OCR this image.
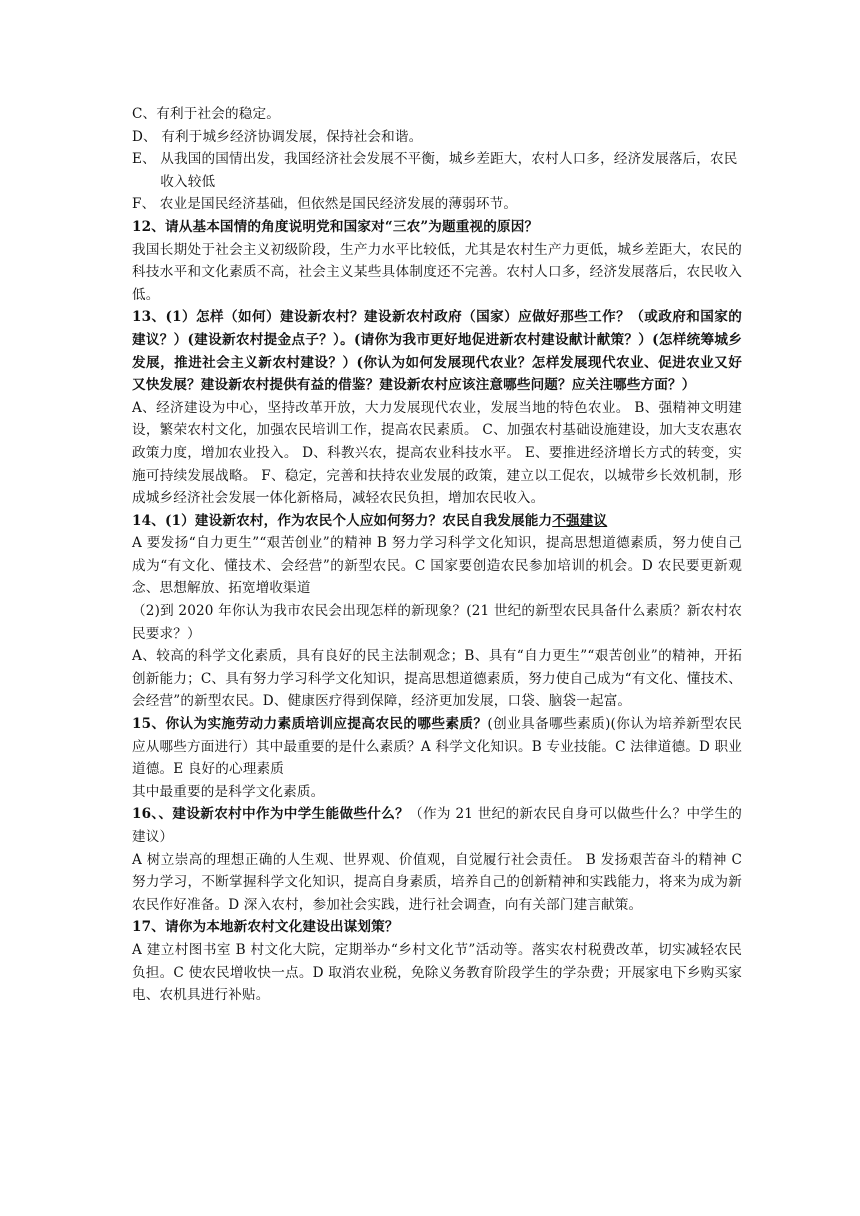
C、 有利于社会的稳定。
D、 有利于城乡经济协调发展，保持社会和谐。
E、 从我国的国情出发，我国经济社会发展不平衡，城乡差距大，农村人口多，经济发展落后，农民收入较低
F、 农业是国民经济基础，但依然是国民经济发展的薄弱环节。

12、请从基本国情的角度说明党和国家对“三农”为题重视的原因？

我国长期处于社会主义初级阶段，生产力水平比较低，尤其是农村生产力更低，城乡差距大，农民的科技水平和文化素质不高，社会主义某些具体制度还不完善。农村人口多，经济发展落后，农民收入低。

13、(1）怎样（如何）建设新农村？建设新农村政府（国家）应做好那些工作？（或政府和国家的建议？）(建设新农村提金点子？）。(请你为我市更好地促进新农村建设献计献策？）(怎样统筹城乡发展，推进社会主义新农村建设？）(你认为如何发展现代农业？怎样发展现代农业、促进农业又好又快发展？建设新农村提供有益的借鉴？建设新农村应该注意哪些问题？应关注哪些方面？）

A、经济建设为中心，坚持改革开放，大力发展现代农业，发展当地的特色农业。 B、强精神文明建设，繁荣农村文化，加强农民培训工作，提高农民素质。 C、加强农村基础设施建设，加大支农惠农政策力度，增加农业投入。 D、科教兴农，提高农业科技水平。 E、要推进经济增长方式的转变，实施可持续发展战略。 F、稳定，完善和扶持农业发展的政策，建立以工促农，以城带乡长效机制，形成城乡经济社会发展一体化新格局，减轻农民负担，增加农民收入。

14、(1）建设新农村，作为农民个人应如何努力？农民自我发展能力不强建议

A 要发扬“自力更生”“艰苦创业”的精神 B 努力学习科学文化知识，提高思想道德素质，努力使自己成为“有文化、懂技术、会经营”的新型农民。C 国家要创造农民参加培训的机会。D 农民要更新观念、思想解放、拓宽增收渠道

（2)到 2020 年你认为我市农民会出现怎样的新现象？(21 世纪的新型农民具备什么素质？新农村农民要求？）

A、较高的科学文化素质，具有良好的民主法制观念；B、具有“自力更生”“艰苦创业”的精神，开拓创新能力；C、具有努力学习科学文化知识，提高思想道德素质，努力使自己成为“有文化、懂技术、会经营”的新型农民。D、健康医疗得到保障，经济更加发展，口袋、脑袋一起富。

15、你认为实施劳动力素质培训应提高农民的哪些素质？(创业具备哪些素质)(你认为培养新型农民应从哪些方面进行）其中最重要的是什么素质？A 科学文化知识。B 专业技能。C 法律道德。D 职业道德。E 良好的心理素质

其中最重要的是科学文化素质。

16、、建设新农村中作为中学生能做些什么？（作为 21 世纪的新农民自身可以做些什么？中学生的建议）

A 树立崇高的理想正确的人生观、世界观、价值观，自觉履行社会责任。 B 发扬艰苦奋斗的精神 C 努力学习，不断掌握科学文化知识，提高自身素质，培养自己的创新精神和实践能力，将来为成为新农民作好准备。D 深入农村，参加社会实践，进行社会调查，向有关部门建言献策。

17、请你为本地新农村文化建设出谋划策？

A 建立村图书室 B 村文化大院，定期举办“乡村文化节”活动等。落实农村税费改革，切实减轻农民负担。C 使农民增收快一点。D 取消农业税，免除义务教育阶段学生的学杂费；开展家电下乡购买家电、农机具进行补贴。
